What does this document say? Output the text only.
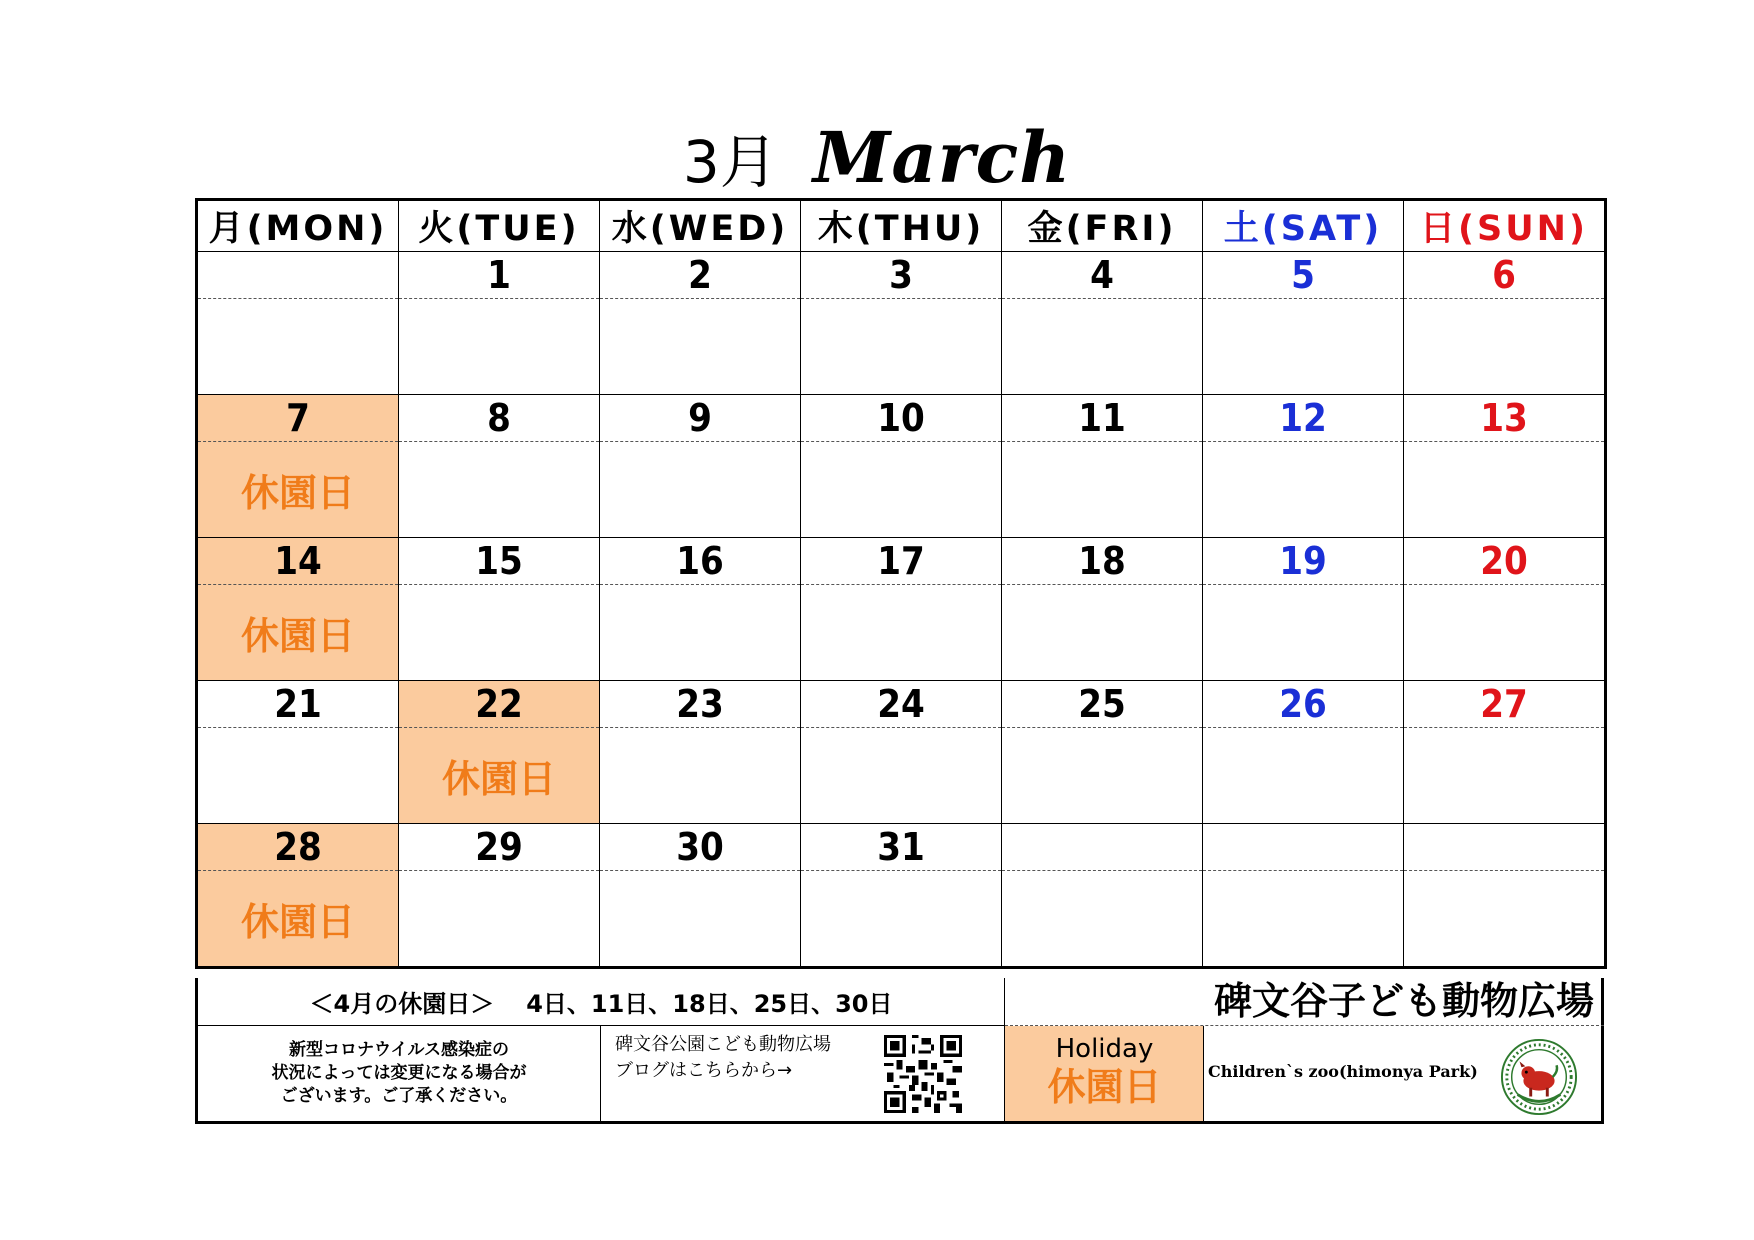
3月 March
月(MON)	火(TUE)	水(WED)	木(THU)	金(FRI)	土(SAT)	日(SUN)
	1	2	3	4	5	6

7	8	9	10	11	12	13
休園日						
14	15	16	17	18	19	20
休園日						
21	22	23	24	25	26	27
	休園日					
28	29	30	31			
休園日						
＜4月の休園日＞ 4日、11日、18日、25日、30日	碑文谷子ども動物広場
新型コロナウイルス感染症の
状況によっては変更になる場合が
ございます。ご了承ください。
碑文谷公園こども動物広場
ブログはこちらから→	休園日
Holiday
Children`s zoo(himonya Park)
